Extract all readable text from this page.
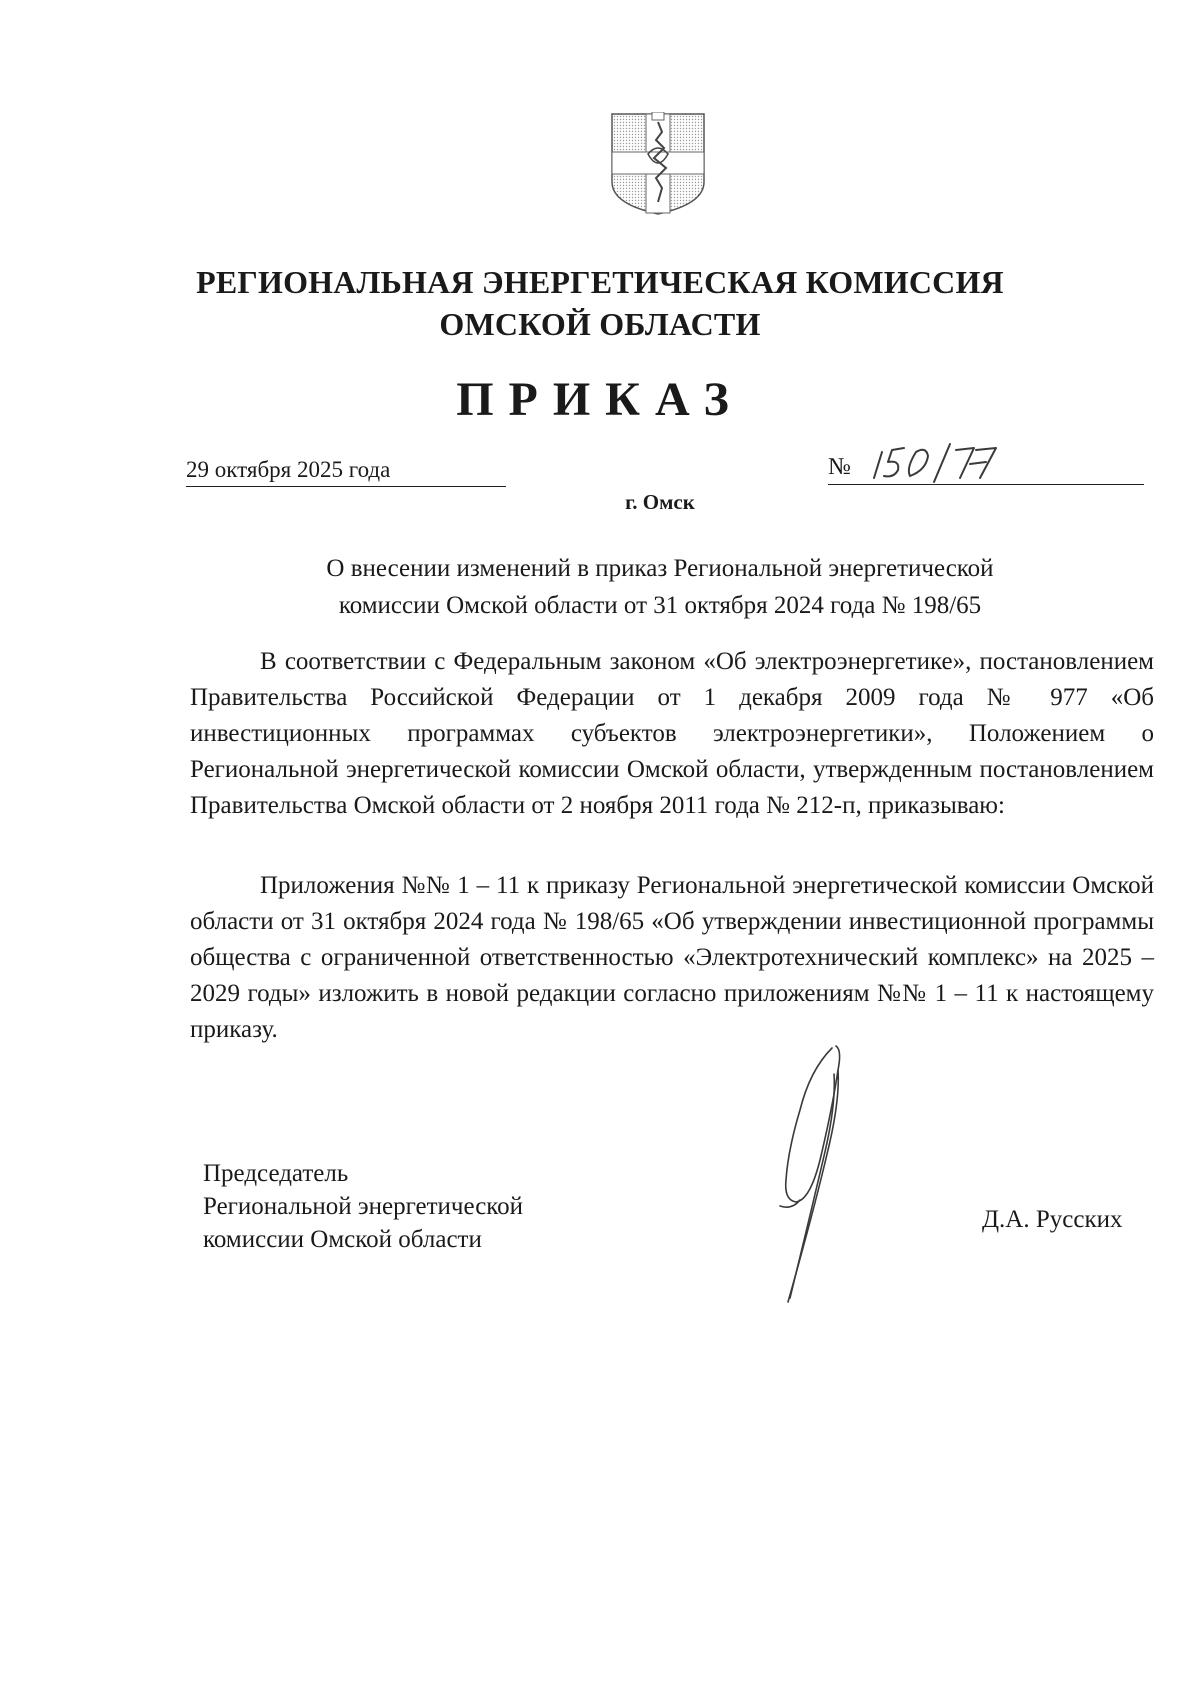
РЕГИОНАЛЬНАЯ ЭНЕРГЕТИЧЕСКАЯ КОМИССИЯ
ОМСКОЙ ОБЛАСТИ
ПРИКАЗ
29 октября 2025 года	№
г. Омск
О внесении изменений в приказ Региональной энергетической
комиссии Омской области от 31 октября 2024 года № 198/65
В соответствии с Федеральным законом «Об электроэнергетике», постановлением Правительства Российской Федерации от 1 декабря 2009 года № 977 «Об инвестиционных программах субъектов электроэнергетики», Положением о Региональной энергетической комиссии Омской области, утвержденным постановлением Правительства Омской области от 2 ноября 2011 года № 212-п, приказываю:
Приложения №№ 1 – 11 к приказу Региональной энергетической комиссии Омской области от 31 октября 2024 года № 198/65 «Об утверждении инвестиционной программы общества с ограниченной ответственностью «Электротехнический комплекс» на 2025 – 2029 годы» изложить в новой редакции согласно приложениям №№ 1 – 11 к настоящему приказу.
Председатель
Региональной энергетической
комиссии Омской области
Д.А. Русских
